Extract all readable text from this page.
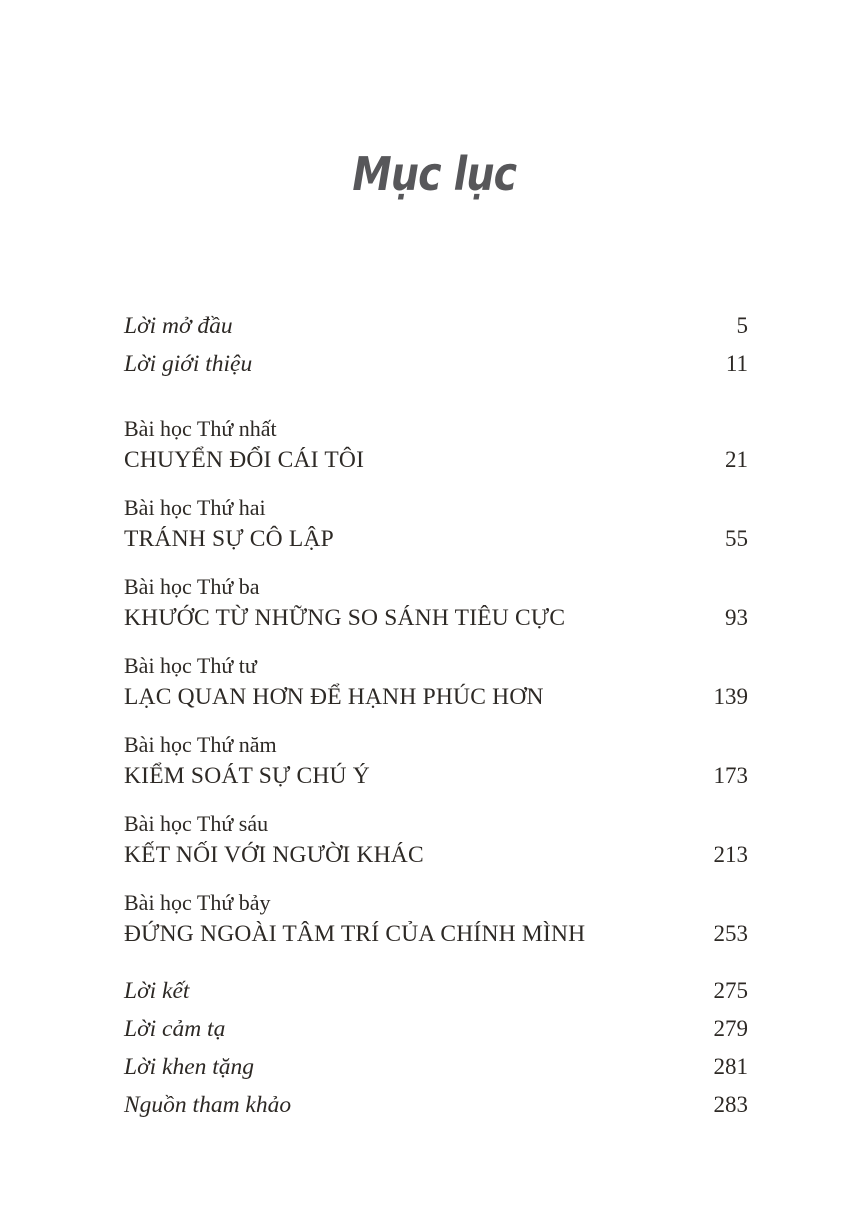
Mục lục
Lời mở đầu	5
Lời giới thiệu	11
Bài học Thứ nhất
CHUYỂN ĐỔI CÁI TÔI	21
Bài học Thứ hai
TRÁNH SỰ CÔ LẬP	55
Bài học Thứ ba
KHƯỚC TỪ NHỮNG SO SÁNH TIÊU CỰC	93
Bài học Thứ tư
LẠC QUAN HƠN ĐỂ HẠNH PHÚC HƠN	139
Bài học Thứ năm
KIỂM SOÁT SỰ CHÚ Ý	173
Bài học Thứ sáu
KẾT NỐI VỚI NGƯỜI KHÁC	213
Bài học Thứ bảy
ĐỨNG NGOÀI TÂM TRÍ CỦA CHÍNH MÌNH	253
Lời kết	275
Lời cảm tạ	279
Lời khen tặng	281
Nguồn tham khảo	283
